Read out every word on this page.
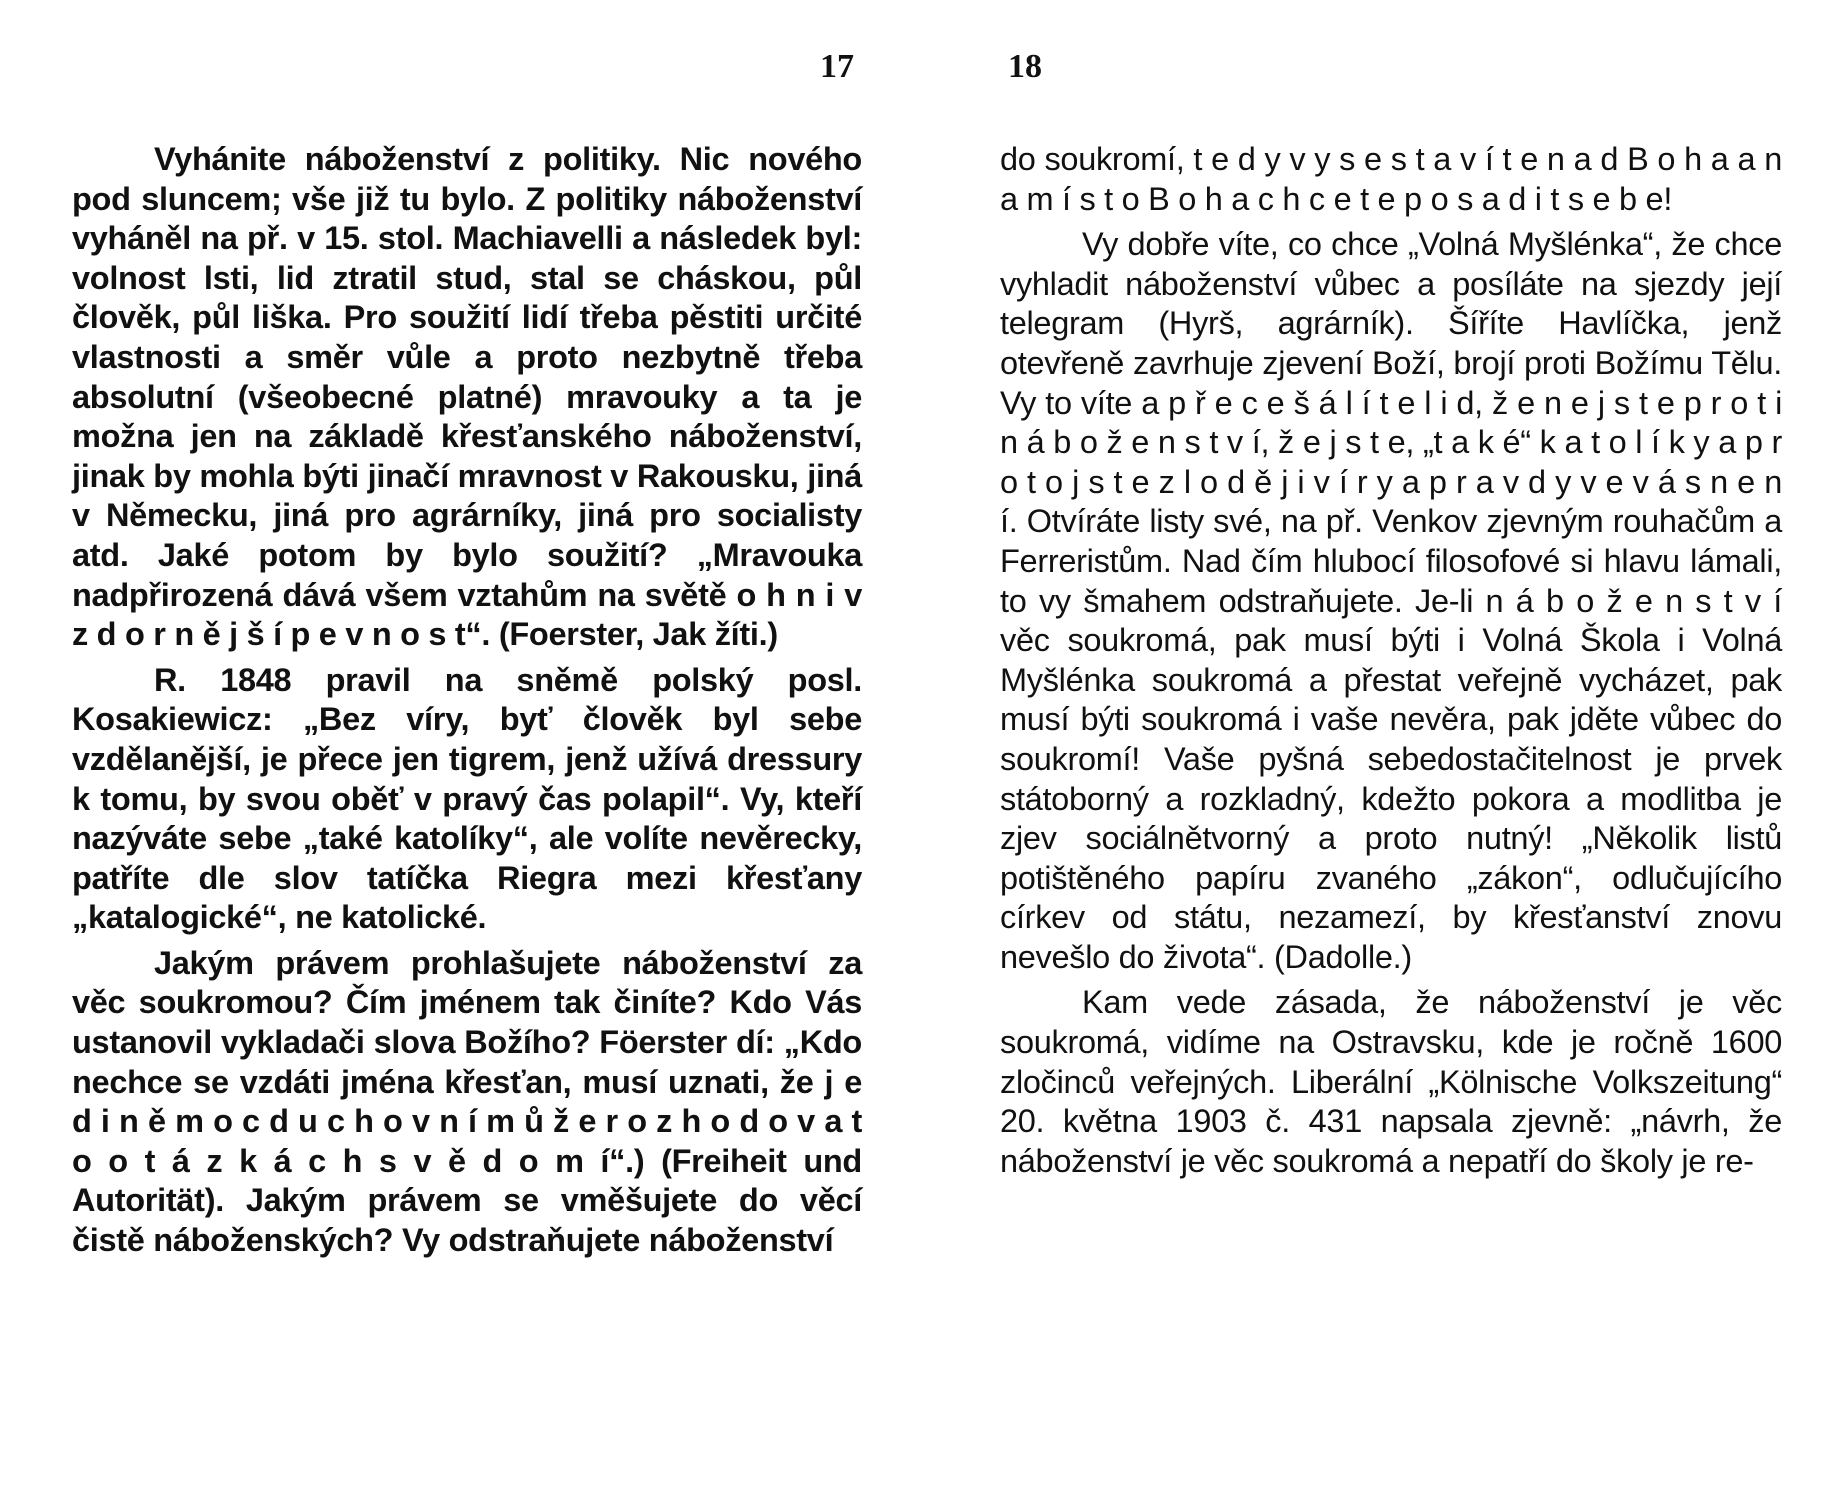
17

Vyhánite náboženství z politiky. Nic nového pod sluncem; vše již tu bylo. Z politiky náboženství vyháněl na př. v 15. stol. Machiavelli a následek byl: volnost lsti, lid ztratil stud, stal se cháskou, půl člověk, půl liška. Pro soužití lidí třeba pěstiti určité vlastnosti a směr vůle a proto nezbytně třeba absolutní (všeobecné platné) mravouky a ta je možna jen na základě křesťanského náboženství, jinak by mohla býti jinačí mravnost v Rakousku, jiná v Německu, jiná pro agrárníky, jiná pro socialisty atd. Jaké potom by bylo soužití? „Mravouka nadpřirozená dává všem vztahům na světě o h n i v z d o r n ě j š í p e v n o s t“. (Foerster, Jak žíti.)

R. 1848 pravil na sněmě polský posl. Kosakiewicz: „Bez víry, byť člověk byl sebe vzdělanější, je přece jen tigrem, jenž užívá dressury k tomu, by svou oběť v pravý čas polapil“. Vy, kteří nazýváte sebe „také katolíky“, ale volíte nevěrecky, patříte dle slov tatíčka Riegra mezi křesťany „katalogické“, ne katolické.

Jakým právem prohlašujete náboženství za věc soukromou? Čím jménem tak činíte? Kdo Vás ustanovil vykladači slova Božího? Föerster dí: „Kdo nechce se vzdáti jména křesťan, musí uznati, že j e d i n ě m o c d u c h o v n í m ů ž e r o z h o d o v a t o o t á z k á c h s v ě d o m í“.) (Freiheit und Autorität). Jakým právem se vměšujete do věcí čistě náboženských? Vy odstraňujete náboženství

18

do soukromí, t e d y v y s e s t a v í t e n a d B o h a a n a m í s t o B o h a c h c e t e p o s a d i t s e b e!

Vy dobře víte, co chce „Volná Myšlénka“, že chce vyhladit náboženství vůbec a posíláte na sjezdy její telegram (Hyrš, agrárník). Šíříte Havlíčka, jenž otevřeně zavrhuje zjevení Boží, brojí proti Božímu Tělu. Vy to víte a p ř e c e š á l í t e l i d, ž e n e j s t e p r o t i n á b o ž e n s t v í, ž e j s t e, „t a k é“ k a t o l í k y a p r o t o j s t e z l o d ě j i v í r y a p r a v d y v e v á s n e n í. Otvíráte listy své, na př. Venkov zjevným rouhačům a Ferreristům. Nad čím hlubocí filosofové si hlavu lámali, to vy šmahem odstraňujete. Je-li n á b o ž e n s t v í věc soukromá, pak musí býti i Volná Škola i Volná Myšlénka soukromá a přestat veřejně vycházet, pak musí býti soukromá i vaše nevěra, pak jděte vůbec do soukromí! Vaše pyšná sebedostačitelnost je prvek státoborný a rozkladný, kdežto pokora a modlitba je zjev sociálnětvorný a proto nutný! „Několik listů potištěného papíru zvaného „zákon“, odlučujícího církev od státu, nezamezí, by křesťanství znovu nevešlo do života“. (Dadolle.)

Kam vede zásada, že náboženství je věc soukromá, vidíme na Ostravsku, kde je ročně 1600 zločinců veřejných. Liberální „Kölnische Volkszeitung“ 20. května 1903 č. 431 napsala zjevně: „návrh, že náboženství je věc soukromá a nepatří do školy je re-
